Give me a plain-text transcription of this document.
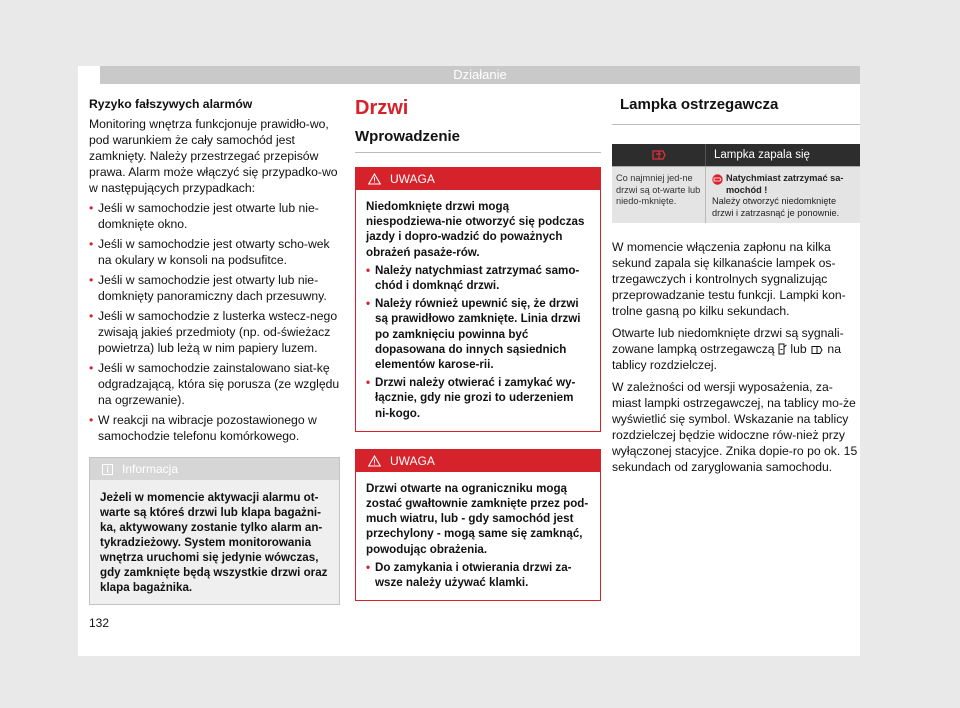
Działanie

Ryzyko fałszywych alarmów

Monitoring wnętrza funkcjonuje prawidło-wo, pod warunkiem że cały samochód jest zamknięty. Należy przestrzegać przepisów prawa. Alarm może włączyć się przypadko-wo w następujących przypadkach:

• Jeśli w samochodzie jest otwarte lub nie-domknięte okno.
• Jeśli w samochodzie jest otwarty scho-wek na okulary w konsoli na podsufitce.
• Jeśli w samochodzie jest otwarty lub nie-domknięty panoramiczny dach przesuwny.
• Jeśli w samochodzie z lusterka wstecz-nego zwisają jakieś przedmioty (np. od-świeżacz powietrza) lub leżą w nim papiery luzem.
• Jeśli w samochodzie zainstalowano siat-kę odgradzającą, która się porusza (ze względu na ogrzewanie).
• W reakcji na wibracje pozostawionego w samochodzie telefonu komórkowego.
Informacja
Jeżeli w momencie aktywacji alarmu ot-warte są któreś drzwi lub klapa bagażni-ka, aktywowany zostanie tylko alarm an-tykradzieżowy. System monitorowania wnętrza uruchomi się jedynie wówczas, gdy zamknięte będą wszystkie drzwi oraz klapa bagażnika.
Drzwi
Wprowadzenie
UWAGA
Niedomknięte drzwi mogą niespodziewa-nie otworzyć się podczas jazdy i dopro-wadzić do poważnych obrażeń pasaże-rów.
• Należy natychmiast zatrzymać samo-chód i domknąć drzwi.
• Należy również upewnić się, że drzwi są prawidłowo zamknięte. Linia drzwi po zamknięciu powinna być dopasowana do innych sąsiednich elementów karose-rii.
• Drzwi należy otwierać i zamykać wy-łącznie, gdy nie grozi to uderzeniem ni-kogo.
UWAGA
Drzwi otwarte na ograniczniku mogą zostać gwałtownie zamknięte przez pod-much wiatru, lub - gdy samochód jest przechylony - mogą same się zamknąć, powodując obrażenia.
• Do zamykania i otwierania drzwi za-wsze należy używać klamki.
Lampka ostrzegawcza
Lampka zapala się
Co najmniej jed-ne drzwi są ot-warte lub niedo-mknięte.
Natychmiast zatrzymać sa-mochód !
Należy otworzyć niedomknięte drzwi i zatrzasnąć je ponownie.

W momencie włączenia zapłonu na kilka sekund zapala się kilkanaście lampek os-trzegawczych i kontrolnych sygnalizując przeprowadzanie testu funkcji. Lampki kon-trolne gasną po kilku sekundach.

Otwarte lub niedomknięte drzwi są sygnali-zowane lampką ostrzegawczą lub na tablicy rozdzielczej.

W zależności od wersji wyposażenia, za-miast lampki ostrzegawczej, na tablicy mo-że wyświetlić się symbol. Wskazanie na tablicy rozdzielczej będzie widoczne rów-nież przy wyłączonej stacyjce. Znika dopie-ro po ok. 15 sekundach od zaryglowania samochodu.

132
